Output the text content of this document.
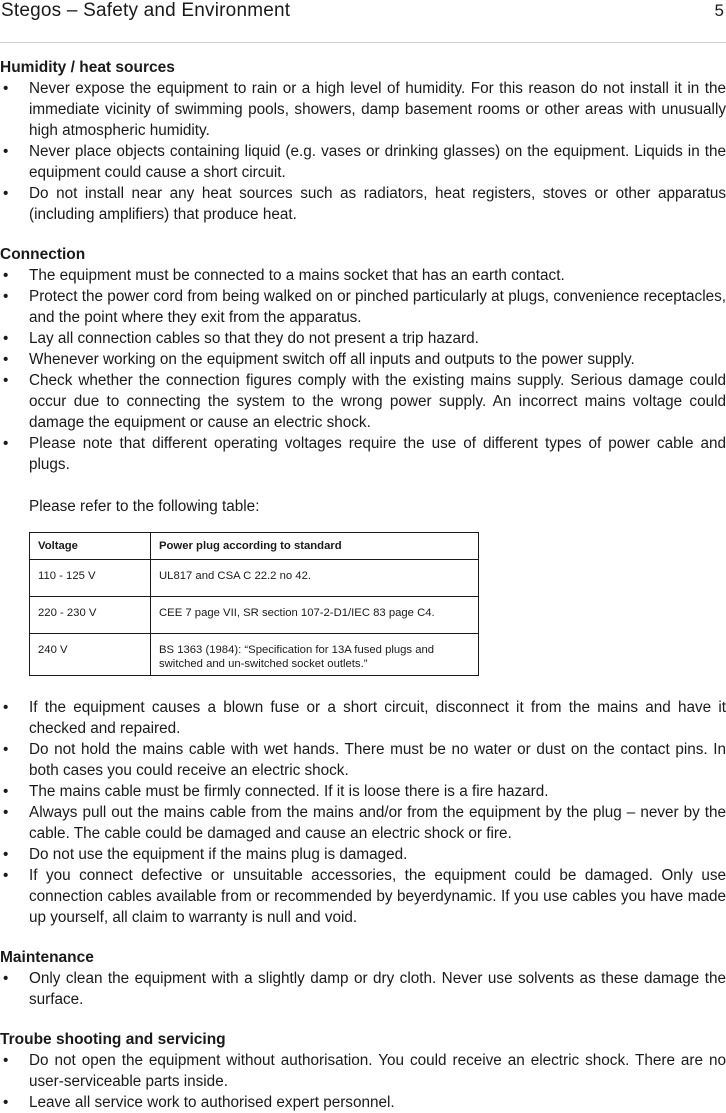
Stegos – Safety and Environment	5
Humidity / heat sources
• Never expose the equipment to rain or a high level of humidity. For this reason do not install it in the immediate vicinity of swimming pools, showers, damp basement rooms or other areas with unusually high atmospheric humidity.
• Never place objects containing liquid (e.g. vases or drinking glasses) on the equipment. Liquids in the equipment could cause a short circuit.
• Do not install near any heat sources such as radiators, heat registers, stoves or other apparatus (including amplifiers) that produce heat.
Connection
• The equipment must be connected to a mains socket that has an earth contact.
• Protect the power cord from being walked on or pinched particularly at plugs, convenience receptacles, and the point where they exit from the apparatus.
• Lay all connection cables so that they do not present a trip hazard.
• Whenever working on the equipment switch off all inputs and outputs to the power supply.
• Check whether the connection figures comply with the existing mains supply. Serious damage could occur due to connecting the system to the wrong power supply. An incorrect mains voltage could damage the equipment or cause an electric shock.
• Please note that different operating voltages require the use of different types of power cable and plugs.
Please refer to the following table:
Voltage	Power plug according to standard
110 - 125 V	UL817 and CSA C 22.2 no 42.
220 - 230 V	CEE 7 page VII, SR section 107-2-D1/IEC 83 page C4.
240 V	BS 1363 (1984): “Specification for 13A fused plugs and switched and un-switched socket outlets.”
• If the equipment causes a blown fuse or a short circuit, disconnect it from the mains and have it checked and repaired.
• Do not hold the mains cable with wet hands. There must be no water or dust on the contact pins. In both cases you could receive an electric shock.
• The mains cable must be firmly connected. If it is loose there is a fire hazard.
• Always pull out the mains cable from the mains and/or from the equipment by the plug – never by the cable. The cable could be damaged and cause an electric shock or fire.
• Do not use the equipment if the mains plug is damaged.
• If you connect defective or unsuitable accessories, the equipment could be damaged. Only use connection cables available from or recommended by beyerdynamic. If you use cables you have made up yourself, all claim to warranty is null and void.
Maintenance
• Only clean the equipment with a slightly damp or dry cloth. Never use solvents as these damage the surface.
Troube shooting and servicing
• Do not open the equipment without authorisation. You could receive an electric shock. There are no user-serviceable parts inside.
• Leave all service work to authorised expert personnel.
